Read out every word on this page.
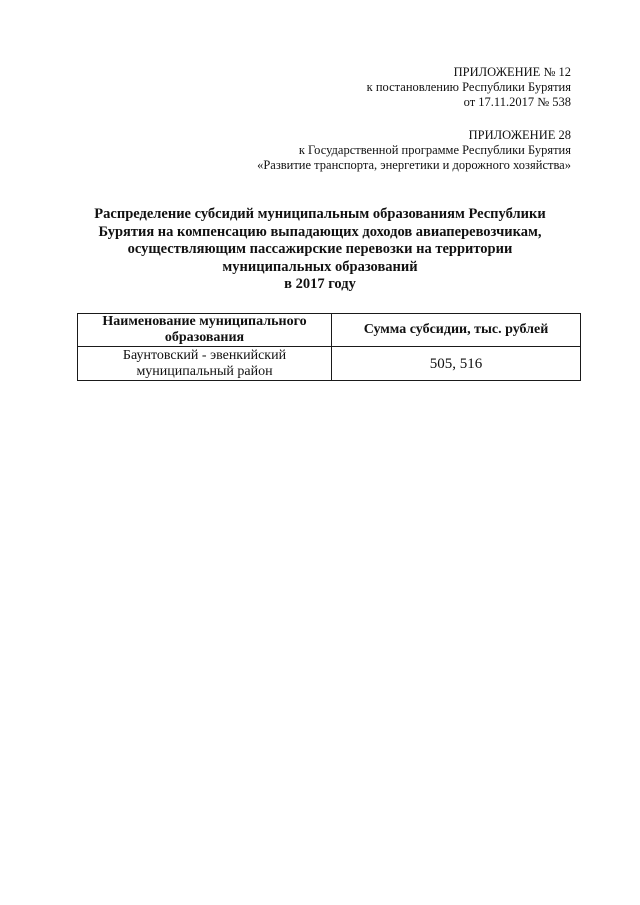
ПРИЛОЖЕНИЕ № 12
к постановлению Республики Бурятия
от 17.11.2017 № 538
ПРИЛОЖЕНИЕ 28
к Государственной программе Республики Бурятия
«Развитие транспорта, энергетики и дорожного хозяйства»
Распределение субсидий муниципальным образованиям Республики
Бурятия на компенсацию выпадающих доходов авиаперевозчикам,
осуществляющим пассажирские перевозки на территории
муниципальных образований
в 2017 году
Наименование муниципального
образования	Сумма субсидии, тыс. рублей
Баунтовский - эвенкийский
муниципальный район	505, 516
